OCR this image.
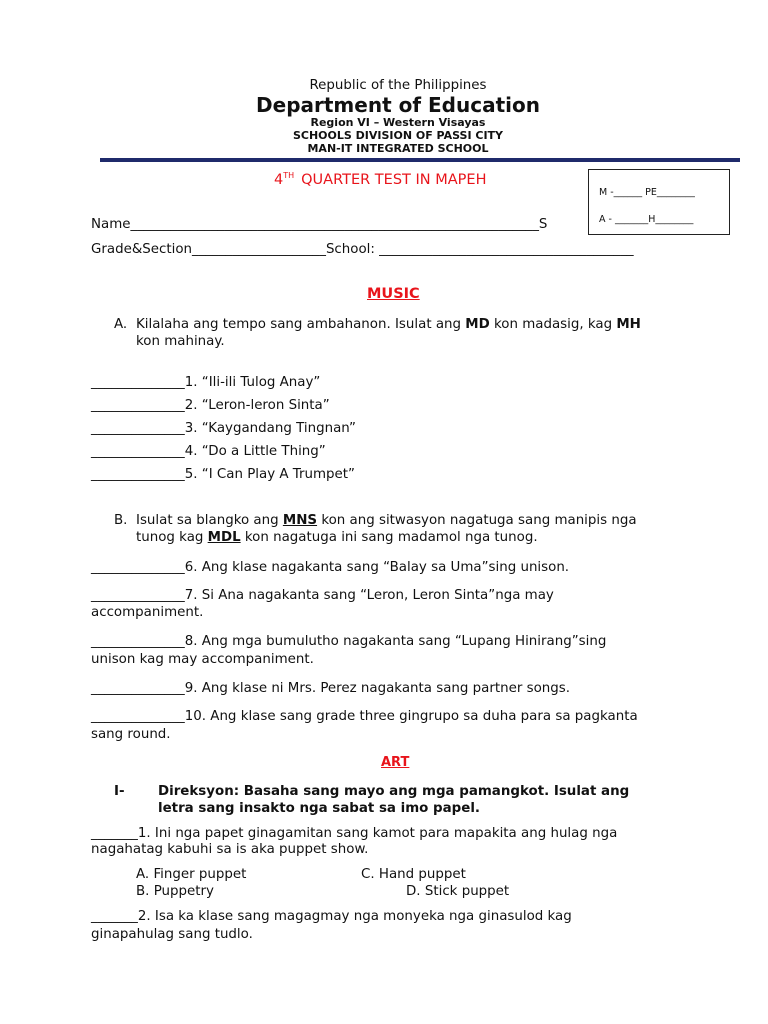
Republic of the Philippines
Department of Education
Region VI – Western Visayas
SCHOOLS DIVISION OF PASSI CITY
MAN-IT INTEGRATED SCHOOL
4TH QUARTER TEST IN MAPEH
M -______ PE________
A - _______H________
Name_____________________________________________________________S
Grade&Section____________________School: ______________________________________
MUSIC
A. Kilalaha ang tempo sang ambahanon. Isulat ang MD kon madasig, kag MH
kon mahinay.
______________1. “Ili-ili Tulog Anay”
______________2. “Leron-leron Sinta”
______________3. “Kaygandang Tingnan”
______________4. “Do a Little Thing”
______________5. “I Can Play A Trumpet”
B. Isulat sa blangko ang MNS kon ang sitwasyon nagatuga sang manipis nga
tunog kag MDL kon nagatuga ini sang madamol nga tunog.
______________6. Ang klase nagakanta sang “Balay sa Uma”sing unison.
______________7. Si Ana nagakanta sang “Leron, Leron Sinta”nga may
accompaniment.
______________8. Ang mga bumulutho nagakanta sang “Lupang Hinirang”sing
unison kag may accompaniment.
______________9. Ang klase ni Mrs. Perez nagakanta sang partner songs.
______________10. Ang klase sang grade three gingrupo sa duha para sa pagkanta
sang round.
ART
I- Direksyon: Basaha sang mayo ang mga pamangkot. Isulat ang
letra sang insakto nga sabat sa imo papel.
_______1. Ini nga papet ginagamitan sang kamot para mapakita ang hulag nga
nagahatag kabuhi sa is aka puppet show.
A. Finger puppet	C. Hand puppet
B. Puppetry	D. Stick puppet
_______2. Isa ka klase sang magagmay nga monyeka nga ginasulod kag
ginapahulag sang tudlo.
